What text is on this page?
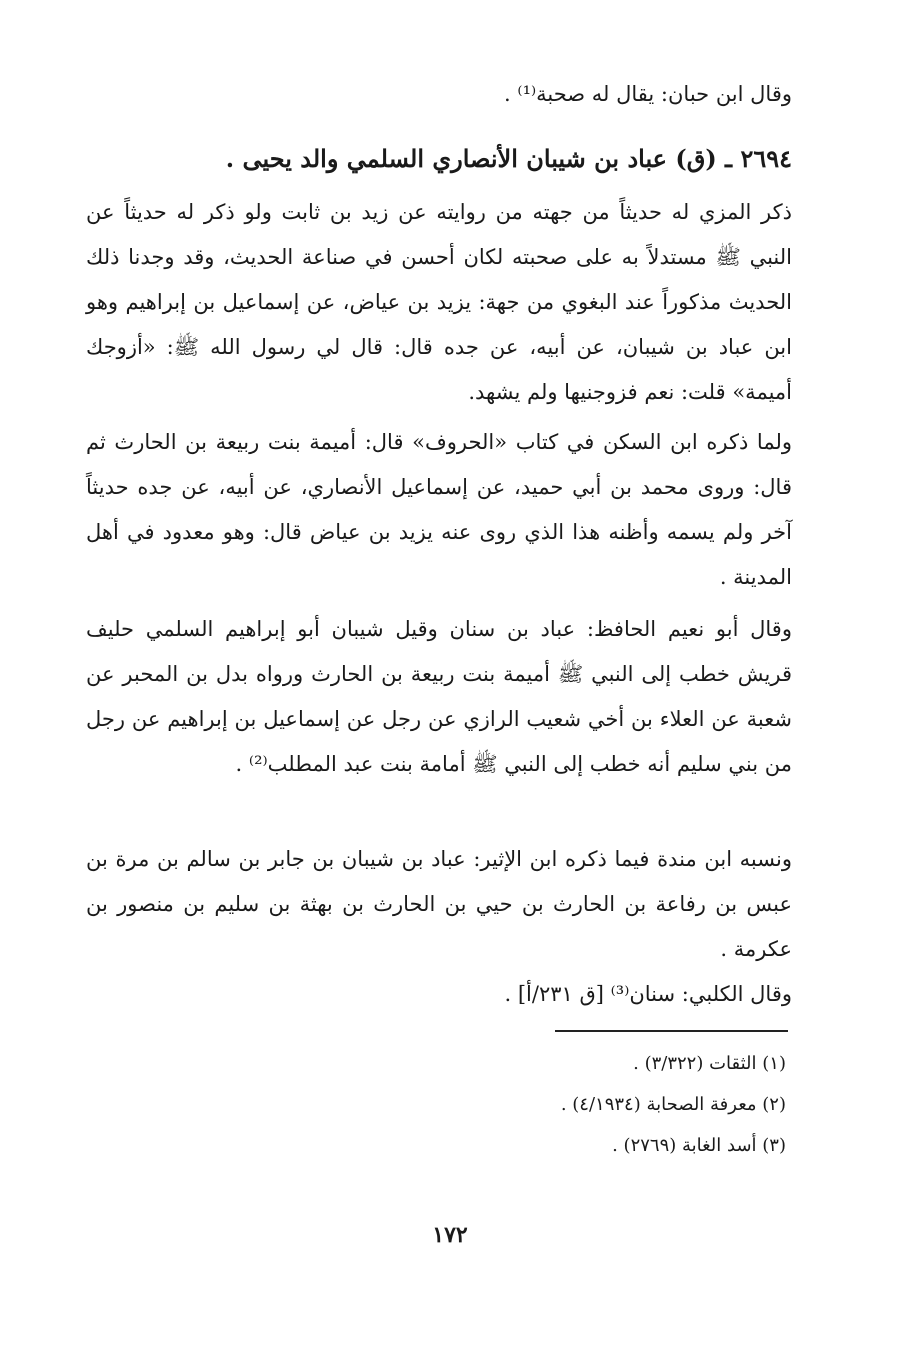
وقال ابن حبان: يقال له صحبة⁽¹⁾ .
٢٦٩٤ ـ (ق) عباد بن شيبان الأنصاري السلمي والد يحيى .
ذكر المزي له حديثاً من جهته من روايته عن زيد بن ثابت ولو ذكر له حديثاً عن النبي ﷺ مستدلاً به على صحبته لكان أحسن في صناعة الحديث، وقد وجدنا ذلك الحديث مذكوراً عند البغوي من جهة: يزيد بن عياض، عن إسماعيل بن إبراهيم وهو ابن عباد بن شيبان، عن أبيه، عن جده قال: قال لي رسول الله ﷺ: «أزوجك أميمة» قلت: نعم فزوجنيها ولم يشهد.
ولما ذكره ابن السكن في كتاب «الحروف» قال: أميمة بنت ربيعة بن الحارث ثم قال: وروى محمد بن أبي حميد، عن إسماعيل الأنصاري، عن أبيه، عن جده حديثاً آخر ولم يسمه وأظنه هذا الذي روى عنه يزيد بن عياض قال: وهو معدود في أهل المدينة .
وقال أبو نعيم الحافظ: عباد بن سنان وقيل شيبان أبو إبراهيم السلمي حليف قريش خطب إلى النبي ﷺ أميمة بنت ربيعة بن الحارث ورواه بدل بن المحبر عن شعبة عن العلاء بن أخي شعيب الرازي عن رجل عن إسماعيل بن إبراهيم عن رجل من بني سليم أنه خطب إلى النبي ﷺ أمامة بنت عبد المطلب⁽²⁾ .
ونسبه ابن مندة فيما ذكره ابن الإثير: عباد بن شيبان بن جابر بن سالم بن مرة بن عبس بن رفاعة بن الحارث بن حيي بن الحارث بن بهثة بن سليم بن منصور بن عكرمة .
وقال الكلبي: سنان⁽³⁾ [ق ٢٣١/أ] .
(١) الثقات (٣/٣٢٢) .
(٢) معرفة الصحابة (٤/١٩٣٤) .
(٣) أسد الغابة (٢٧٦٩) .
١٧٢
